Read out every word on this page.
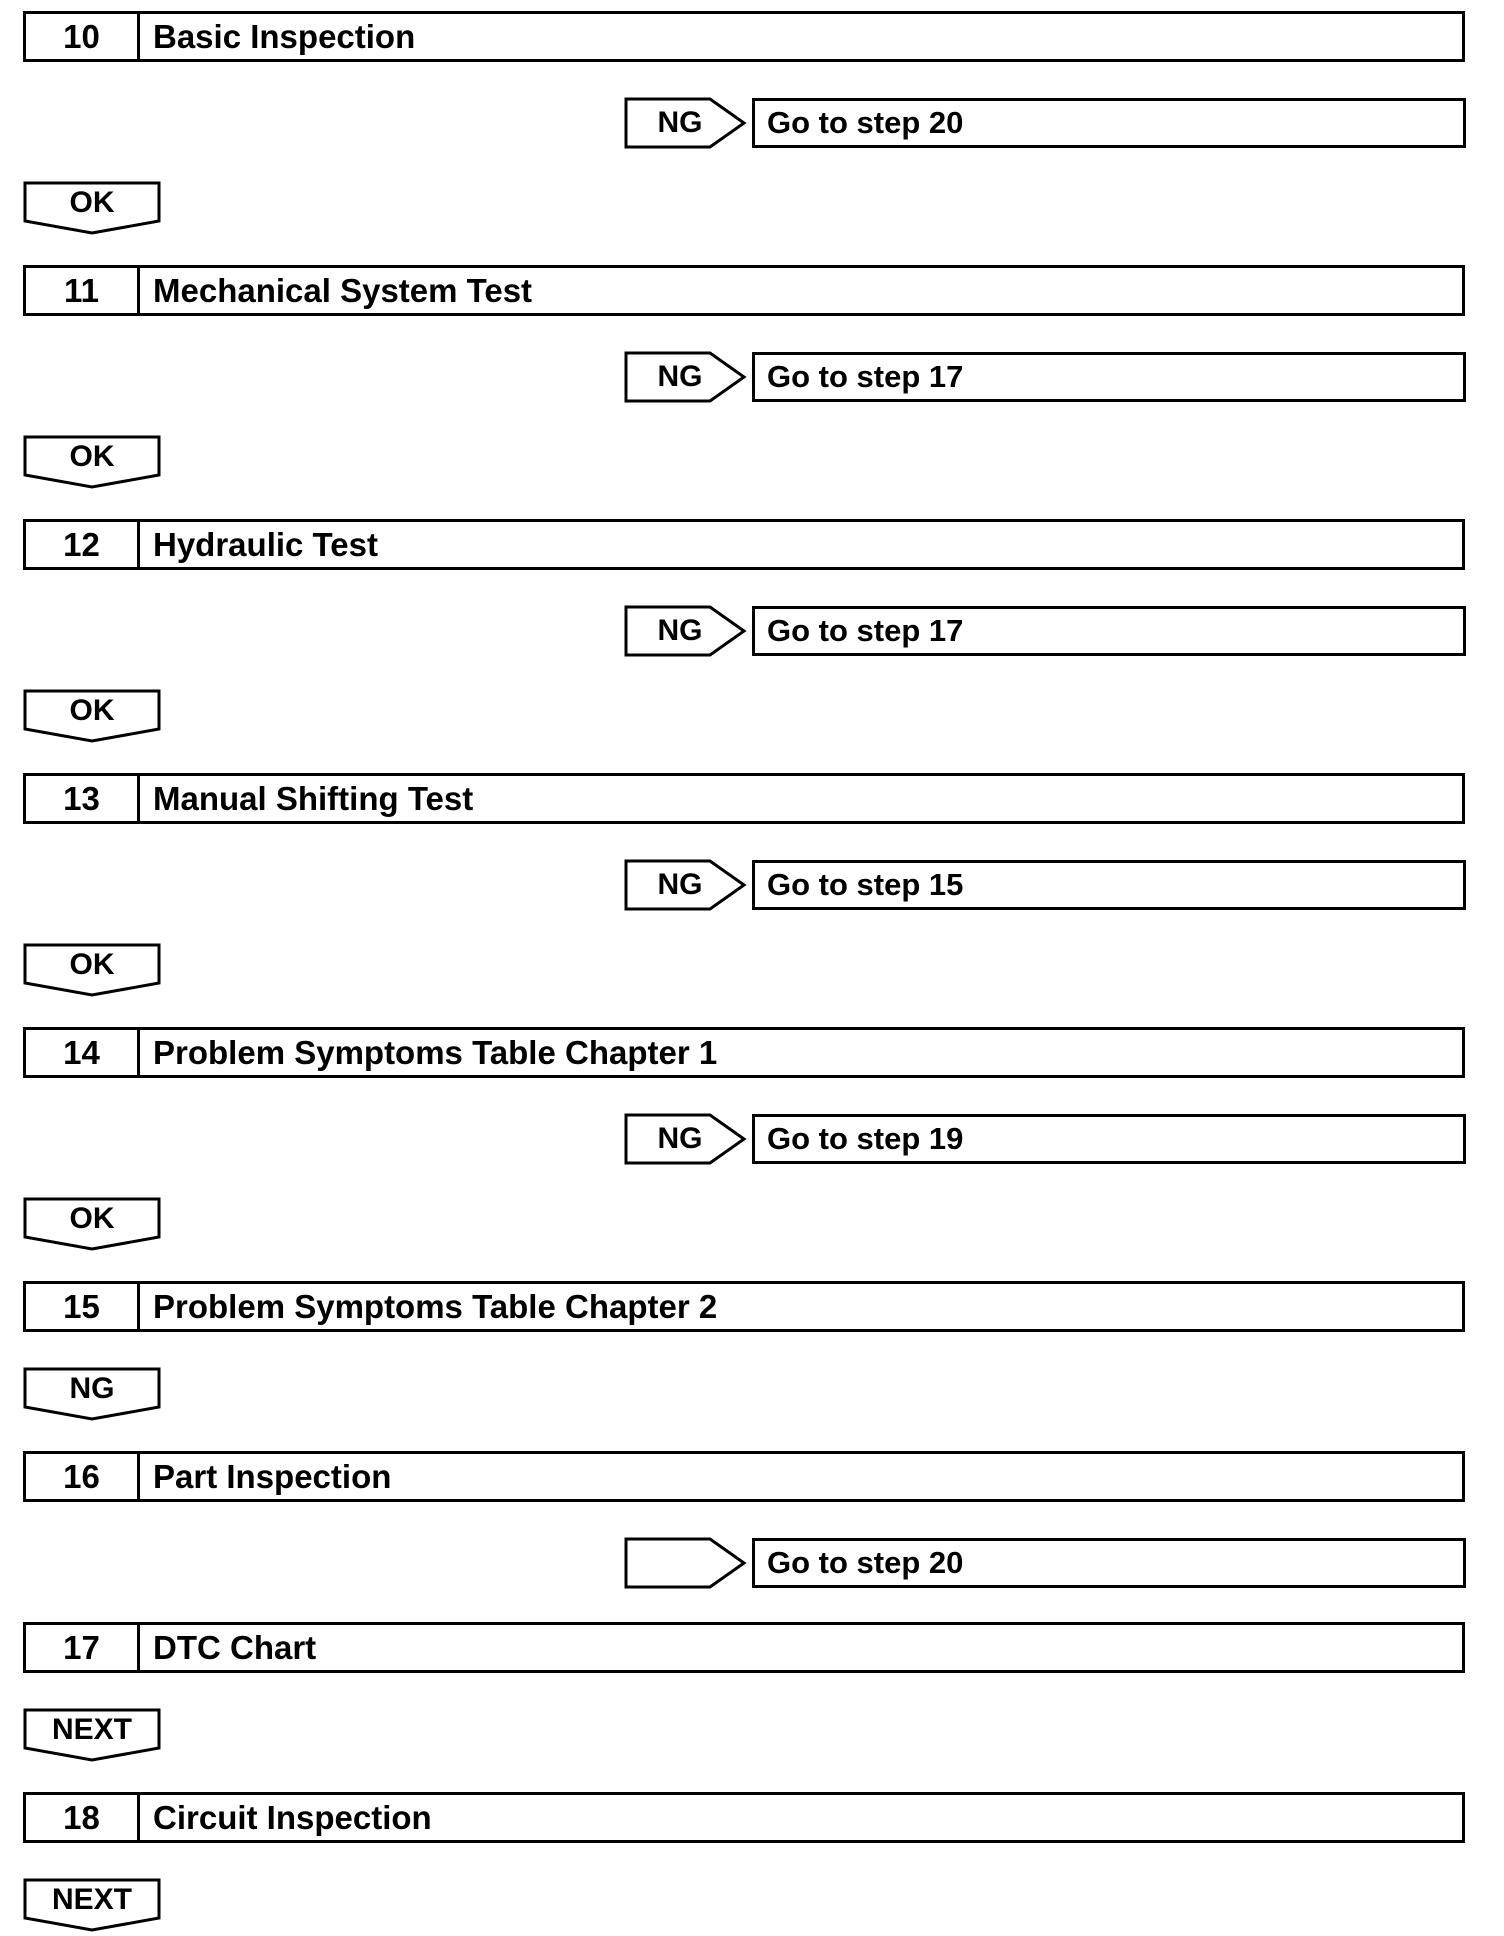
10	Basic Inspection
NG	Go to step 20
OK
11	Mechanical System Test
NG	Go to step 17
OK
12	Hydraulic Test
NG	Go to step 17
OK
13	Manual Shifting Test
NG	Go to step 15
OK
14	Problem Symptoms Table Chapter 1
NG	Go to step 19
OK
15	Problem Symptoms Table Chapter 2
NG
16	Part Inspection
Go to step 20
17	DTC Chart
NEXT
18	Circuit Inspection
NEXT
